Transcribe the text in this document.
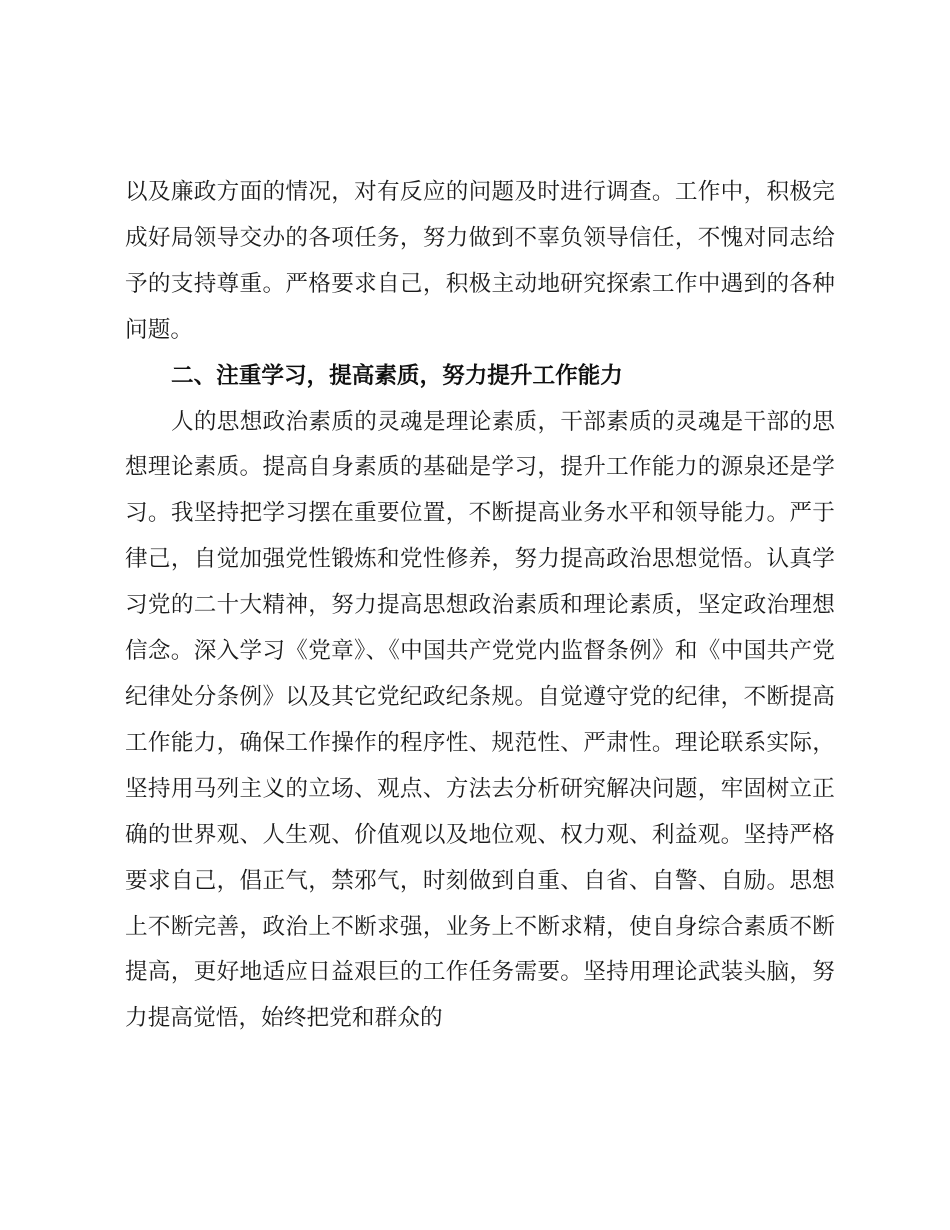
以及廉政方面的情况，对有反应的问题及时进行调查。工作中，积极完成好局领导交办的各项任务，努力做到不辜负领导信任，不愧对同志给予的支持尊重。严格要求自己，积极主动地研究探索工作中遇到的各种问题。

二、注重学习，提高素质，努力提升工作能力

人的思想政治素质的灵魂是理论素质，干部素质的灵魂是干部的思想理论素质。提高自身素质的基础是学习，提升工作能力的源泉还是学习。我坚持把学习摆在重要位置，不断提高业务水平和领导能力。严于律己，自觉加强党性锻炼和党性修养，努力提高政治思想觉悟。认真学习党的二十大精神，努力提高思想政治素质和理论素质，坚定政治理想信念。深入学习《党章》、《中国共产党党内监督条例》和《中国共产党纪律处分条例》以及其它党纪政纪条规。自觉遵守党的纪律，不断提高工作能力，确保工作操作的程序性、规范性、严肃性。理论联系实际，坚持用马列主义的立场、观点、方法去分析研究解决问题，牢固树立正确的世界观、人生观、价值观以及地位观、权力观、利益观。坚持严格要求自己，倡正气，禁邪气，时刻做到自重、自省、自警、自励。思想上不断完善，政治上不断求强，业务上不断求精，使自身综合素质不断提高，更好地适应日益艰巨的工作任务需要。坚持用理论武装头脑，努力提高觉悟，始终把党和群众的
